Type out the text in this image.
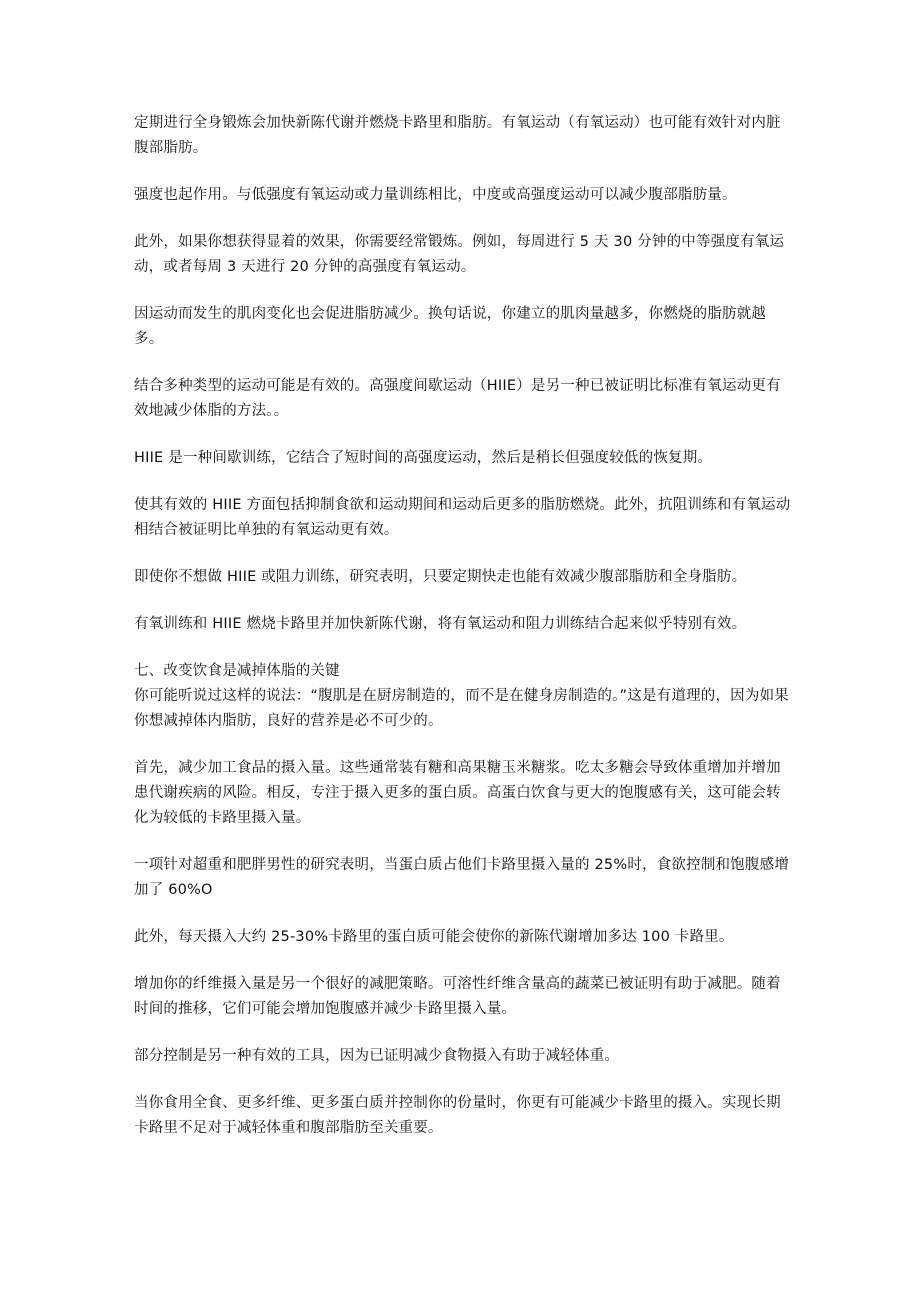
定期进行全身锻炼会加快新陈代谢并燃烧卡路里和脂肪。有氧运动（有氧运动）也可能有效针对内脏腹部脂肪。

强度也起作用。与低强度有氧运动或力量训练相比，中度或高强度运动可以减少腹部脂肪量。

此外，如果你想获得显着的效果，你需要经常锻炼。例如，每周进行 5 天 30 分钟的中等强度有氧运动，或者每周 3 天进行 20 分钟的高强度有氧运动。

因运动而发生的肌肉变化也会促进脂肪减少。换句话说，你建立的肌肉量越多，你燃烧的脂肪就越多。

结合多种类型的运动可能是有效的。高强度间歇运动（HIIE）是另一种已被证明比标准有氧运动更有效地减少体脂的方法。。

HIIE 是一种间歇训练，它结合了短时间的高强度运动，然后是稍长但强度较低的恢复期。

使其有效的 HIIE 方面包括抑制食欲和运动期间和运动后更多的脂肪燃烧。此外，抗阻训练和有氧运动相结合被证明比单独的有氧运动更有效。

即使你不想做 HIIE 或阻力训练，研究表明，只要定期快走也能有效减少腹部脂肪和全身脂肪。

有氧训练和 HIIE 燃烧卡路里并加快新陈代谢，将有氧运动和阻力训练结合起来似乎特别有效。

七、改变饮食是减掉体脂的关键

你可能听说过这样的说法：“腹肌是在厨房制造的，而不是在健身房制造的。”这是有道理的，因为如果你想减掉体内脂肪，良好的营养是必不可少的。

首先，减少加工食品的摄入量。这些通常装有糖和高果糖玉米糖浆。吃太多糖会导致体重增加并增加患代谢疾病的风险。相反，专注于摄入更多的蛋白质。高蛋白饮食与更大的饱腹感有关，这可能会转化为较低的卡路里摄入量。

一项针对超重和肥胖男性的研究表明，当蛋白质占他们卡路里摄入量的 25%时，食欲控制和饱腹感增加了 60%O

此外，每天摄入大约 25-30%卡路里的蛋白质可能会使你的新陈代谢增加多达 100 卡路里。

增加你的纤维摄入量是另一个很好的减肥策略。可溶性纤维含量高的蔬菜已被证明有助于减肥。随着时间的推移，它们可能会增加饱腹感并减少卡路里摄入量。

部分控制是另一种有效的工具，因为已证明减少食物摄入有助于减轻体重。

当你食用全食、更多纤维、更多蛋白质并控制你的份量时，你更有可能减少卡路里的摄入。实现长期卡路里不足对于减轻体重和腹部脂肪至关重要。
